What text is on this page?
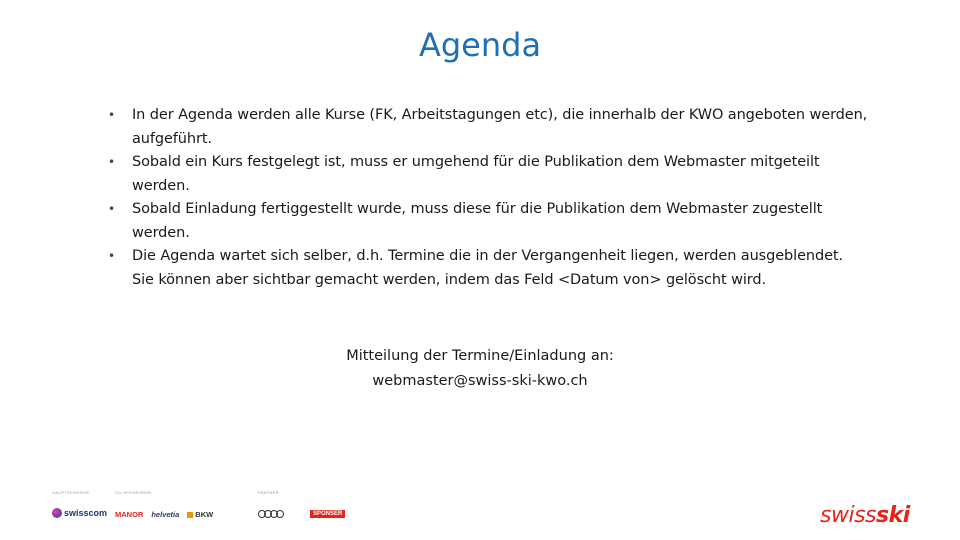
Agenda
• In der Agenda werden alle Kurse (FK, Arbeitstagungen etc), die innerhalb der KWO angeboten werden, aufgeführt.
• Sobald ein Kurs festgelegt ist, muss er umgehend für die Publikation dem Webmaster mitgeteilt werden.
• Sobald Einladung fertiggestellt wurde, muss diese für die Publikation dem Webmaster zugestellt werden.
• Die Agenda wartet sich selber, d.h. Termine die in der Vergangenheit liegen, werden ausgeblendet. Sie können aber sichtbar gemacht werden, indem das Feld <Datum von> gelöscht wird.
Mitteilung der Termine/Einladung an:
webmaster@swiss-ski-kwo.ch
HAUPTSPONSOR
swisscom
CO-SPONSOREN
MANOR helvetia BKW
PARTNER
SPONSER	swissski
